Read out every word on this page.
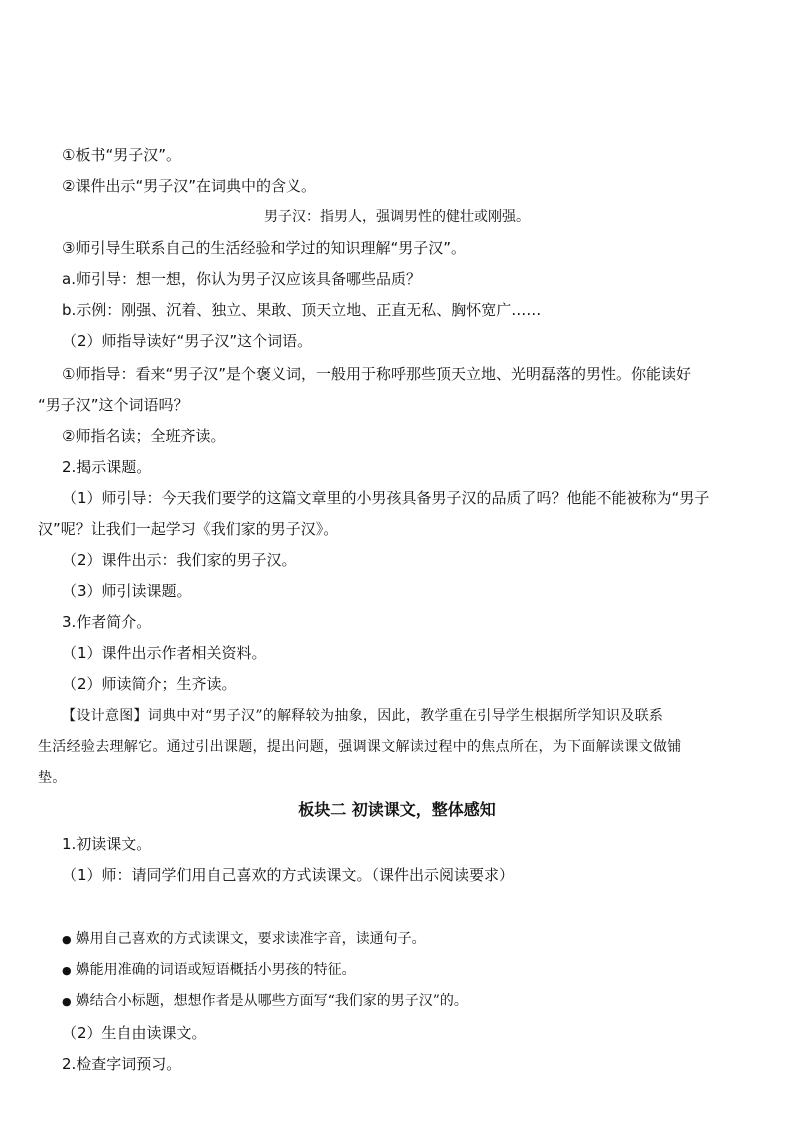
①板书“男子汉”。
②课件出示“男子汉”在词典中的含义。
男子汉：指男人，强调男性的健壮或刚强。
③师引导生联系自己的生活经验和学过的知识理解“男子汉”。
a.师引导：想一想，你认为男子汉应该具备哪些品质？
b.示例：刚强、沉着、独立、果敢、顶天立地、正直无私、胸怀宽广……
（2）师指导读好“男子汉”这个词语。
①师指导：看来“男子汉”是个褒义词，一般用于称呼那些顶天立地、光明磊落的男性。你能读好
“男子汉”这个词语吗？
②师指名读；全班齐读。
2.揭示课题。
（1）师引导：今天我们要学的这篇文章里的小男孩具备男子汉的品质了吗？他能不能被称为“男子
汉”呢？让我们一起学习《我们家的男子汉》。
（2）课件出示：我们家的男子汉。
（3）师引读课题。
3.作者简介。
（1）课件出示作者相关资料。
（2）师读简介；生齐读。
【设计意图】词典中对“男子汉”的解释较为抽象，因此，教学重在引导学生根据所学知识及联系
生活经验去理解它。通过引出课题，提出问题，强调课文解读过程中的焦点所在，为下面解读课文做铺
垫。
板块二 初读课文，整体感知
1.初读课文。
（1）师：请同学们用自己喜欢的方式读课文。（课件出示阅读要求）
● 嬶用自己喜欢的方式读课文，要求读准字音，读通句子。
● 嬶能用准确的词语或短语概括小男孩的特征。
● 嬶结合小标题，想想作者是从哪些方面写“我们家的男子汉”的。
（2）生自由读课文。
2.检查字词预习。
